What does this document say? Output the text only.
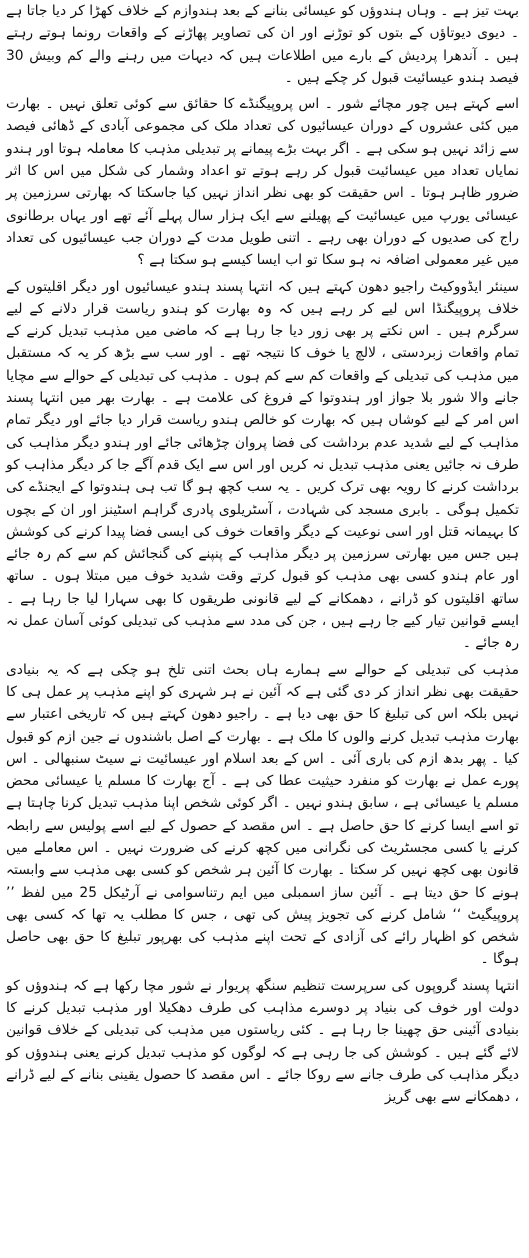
بہت تیز ہے ۔ وہاں ہندوؤں کو عیسائی بنانے کے بعد ہندوازم کے خلاف کھڑا کر دیا جاتا ہے ۔ دیوی دیوتاؤں کے بتوں کو توڑنے اور ان کی تصاویر پھاڑنے کے واقعات رونما ہوتے رہتے ہیں ۔ آندھرا پردیش کے بارے میں اطلاعات ہیں کہ دیہات میں رہنے والے کم وبیش 30 فیصد ہندو عیسائیت قبول کر چکے ہیں ۔

اسے کہتے ہیں چور مچائے شور ۔ اس پروپیگنڈے کا حقائق سے کوئی تعلق نہیں ۔ بھارت میں کئی عشروں کے دوران عیسائیوں کی تعداد ملک کی مجموعی آبادی کے ڈھائی فیصد سے زائد نہیں ہو سکی ہے ۔ اگر بہت بڑے پیمانے پر تبدیلی مذہب کا معاملہ ہوتا اور ہندو نمایاں تعداد میں عیسائیت قبول کر رہے ہوتے تو اعداد وشمار کی شکل میں اس کا اثر ضرور ظاہر ہوتا ۔ اس حقیقت کو بھی نظر انداز نہیں کیا جاسکتا کہ بھارتی سرزمین پر عیسائی یورپ میں عیسائیت کے پھیلنے سے ایک ہزار سال پہلے آئے تھے اور یہاں برطانوی راج کی صدیوں کے دوران بھی رہے ۔ اتنی طویل مدت کے دوران جب عیسائیوں کی تعداد میں غیر معمولی اضافہ نہ ہو سکا تو اب ایسا کیسے ہو سکتا ہے ؟

سینئر ایڈووکیٹ راجیو دھون کہتے ہیں کہ انتہا پسند ہندو عیسائیوں اور دیگر اقلیتوں کے خلاف پروپیگنڈا اس لیے کر رہے ہیں کہ وہ بھارت کو ہندو ریاست قرار دلانے کے لیے سرگرم ہیں ۔ اس نکتے پر بھی زور دیا جا رہا ہے کہ ماضی میں مذہب تبدیل کرنے کے تمام واقعات زبردستی ، لالچ یا خوف کا نتیجہ تھے ۔ اور سب سے بڑھ کر یہ کہ مستقبل میں مذہب کی تبدیلی کے واقعات کم سے کم ہوں ۔ مذہب کی تبدیلی کے حوالے سے مچایا جانے والا شور بلا جواز اور ہندوتوا کے فروغ کی علامت ہے ۔ بھارت بھر میں انتہا پسند اس امر کے لیے کوشاں ہیں کہ بھارت کو خالص ہندو ریاست قرار دیا جائے اور دیگر تمام مذاہب کے لیے شدید عدم برداشت کی فضا پروان چڑھائی جائے اور ہندو دیگر مذاہب کی طرف نہ جائیں یعنی مذہب تبدیل نہ کریں اور اس سے ایک قدم آگے جا کر دیگر مذاہب کو برداشت کرنے کا رویہ بھی ترک کریں ۔ یہ سب کچھ ہو گا تب ہی ہندوتوا کے ایجنڈے کی تکمیل ہوگی ۔ بابری مسجد کی شہادت ، آسٹریلوی پادری گراہم اسٹینز اور ان کے بچوں کا بہیمانہ قتل اور اسی نوعیت کے دیگر واقعات خوف کی ایسی فضا پیدا کرنے کی کوشش ہیں جس میں بھارتی سرزمین پر دیگر مذاہب کے پنپنے کی گنجائش کم سے کم رہ جائے اور عام ہندو کسی بھی مذہب کو قبول کرتے وقت شدید خوف میں مبتلا ہوں ۔ ساتھ ساتھ اقلیتوں کو ڈرانے ، دھمکانے کے لیے قانونی طریقوں کا بھی سہارا لیا جا رہا ہے ۔ ایسے قوانین تیار کیے جا رہے ہیں ، جن کی مدد سے مذہب کی تبدیلی کوئی آسان عمل نہ رہ جائے ۔

مذہب کی تبدیلی کے حوالے سے ہمارے ہاں بحث اتنی تلخ ہو چکی ہے کہ یہ بنیادی حقیقت بھی نظر انداز کر دی گئی ہے کہ آئین نے ہر شہری کو اپنے مذہب پر عمل ہی کا نہیں بلکہ اس کی تبلیغ کا حق بھی دیا ہے ۔ راجیو دھون کہتے ہیں کہ تاریخی اعتبار سے بھارت مذہب تبدیل کرنے والوں کا ملک ہے ۔ بھارت کے اصل باشندوں نے جین ازم کو قبول کیا ۔ پھر بدھ ازم کی باری آئی ۔ اس کے بعد اسلام اور عیسائیت نے سیٹ سنبھالی ۔ اس پورے عمل نے بھارت کو منفرد حیثیت عطا کی ہے ۔ آج بھارت کا مسلم یا عیسائی محض مسلم یا عیسائی ہے ، سابق ہندو نہیں ۔ اگر کوئی شخص اپنا مذہب تبدیل کرنا چاہتا ہے تو اسے ایسا کرنے کا حق حاصل ہے ۔ اس مقصد کے حصول کے لیے اسے پولیس سے رابطہ کرنے یا کسی مجسٹریٹ کی نگرانی میں کچھ کرنے کی ضرورت نہیں ۔ اس معاملے میں قانون بھی کچھ نہیں کر سکتا ۔ بھارت کا آئین ہر شخص کو کسی بھی مذہب سے وابستہ ہونے کا حق دیتا ہے ۔ آئین ساز اسمبلی میں ایم رتناسوامی نے آرٹیکل 25 میں لفظ ’’ پروپیگیٹ ‘‘ شامل کرنے کی تجویز پیش کی تھی ، جس کا مطلب یہ تھا کہ کسی بھی شخص کو اظہار رائے کی آزادی کے تحت اپنے مذہب کی بھرپور تبلیغ کا حق بھی حاصل ہوگا ۔

انتہا پسند گروپوں کی سرپرست تنظیم سنگھ پریوار نے شور مچا رکھا ہے کہ ہندوؤں کو دولت اور خوف کی بنیاد پر دوسرے مذاہب کی طرف دھکیلا اور مذہب تبدیل کرنے کا بنیادی آئینی حق چھینا جا رہا ہے ۔ کئی ریاستوں میں مذہب کی تبدیلی کے خلاف قوانین لائے گئے ہیں ۔ کوشش کی جا رہی ہے کہ لوگوں کو مذہب تبدیل کرنے یعنی ہندوؤں کو دیگر مذاہب کی طرف جانے سے روکا جائے ۔ اس مقصد کا حصول یقینی بنانے کے لیے ڈرانے ، دھمکانے سے بھی گریز
